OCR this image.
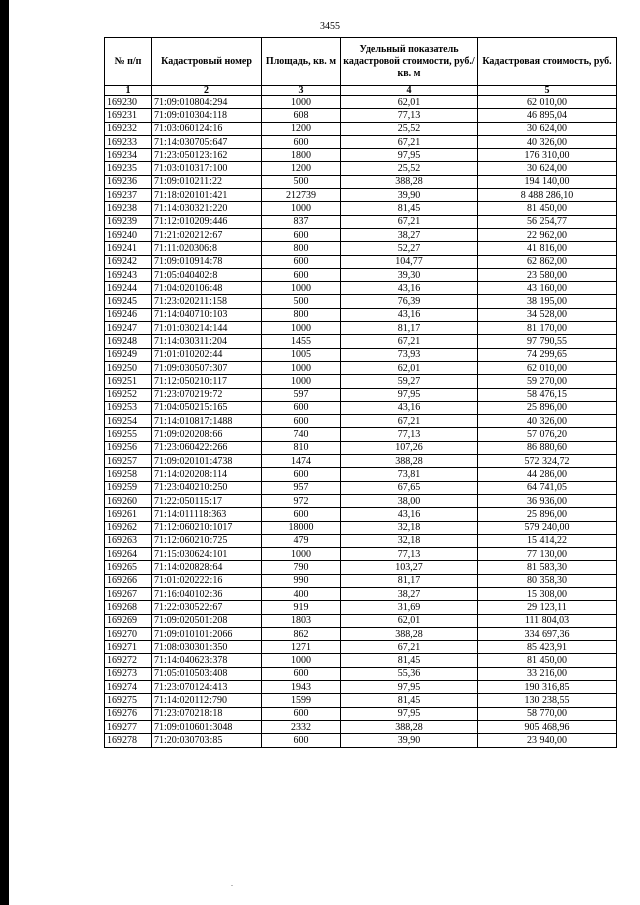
3455
№ п/п	Кадастровый номер	Площадь, кв. м	Удельный показатель кадастровой стоимости, руб./кв. м	Кадастровая стоимость, руб.
1	2	3	4	5
169230	71:09:010804:294	1000	62,01	62 010,00
169231	71:09:010304:118	608	77,13	46 895,04
169232	71:03:060124:16	1200	25,52	30 624,00
169233	71:14:030705:647	600	67,21	40 326,00
169234	71:23:050123:162	1800	97,95	176 310,00
169235	71:03:010317:100	1200	25,52	30 624,00
169236	71:09:010211:22	500	388,28	194 140,00
169237	71:18:020101:421	212739	39,90	8 488 286,10
169238	71:14:030321:220	1000	81,45	81 450,00
169239	71:12:010209:446	837	67,21	56 254,77
169240	71:21:020212:67	600	38,27	22 962,00
169241	71:11:020306:8	800	52,27	41 816,00
169242	71:09:010914:78	600	104,77	62 862,00
169243	71:05:040402:8	600	39,30	23 580,00
169244	71:04:020106:48	1000	43,16	43 160,00
169245	71:23:020211:158	500	76,39	38 195,00
169246	71:14:040710:103	800	43,16	34 528,00
169247	71:01:030214:144	1000	81,17	81 170,00
169248	71:14:030311:204	1455	67,21	97 790,55
169249	71:01:010202:44	1005	73,93	74 299,65
169250	71:09:030507:307	1000	62,01	62 010,00
169251	71:12:050210:117	1000	59,27	59 270,00
169252	71:23:070219:72	597	97,95	58 476,15
169253	71:04:050215:165	600	43,16	25 896,00
169254	71:14:010817:1488	600	67,21	40 326,00
169255	71:09:020208:66	740	77,13	57 076,20
169256	71:23:060422:266	810	107,26	86 880,60
169257	71:09:020101:4738	1474	388,28	572 324,72
169258	71:14:020208:114	600	73,81	44 286,00
169259	71:23:040210:250	957	67,65	64 741,05
169260	71:22:050115:17	972	38,00	36 936,00
169261	71:14:011118:363	600	43,16	25 896,00
169262	71:12:060210:1017	18000	32,18	579 240,00
169263	71:12:060210:725	479	32,18	15 414,22
169264	71:15:030624:101	1000	77,13	77 130,00
169265	71:14:020828:64	790	103,27	81 583,30
169266	71:01:020222:16	990	81,17	80 358,30
169267	71:16:040102:36	400	38,27	15 308,00
169268	71:22:030522:67	919	31,69	29 123,11
169269	71:09:020501:208	1803	62,01	111 804,03
169270	71:09:010101:2066	862	388,28	334 697,36
169271	71:08:030301:350	1271	67,21	85 423,91
169272	71:14:040623:378	1000	81,45	81 450,00
169273	71:05:010503:408	600	55,36	33 216,00
169274	71:23:070124:413	1943	97,95	190 316,85
169275	71:14:020112:790	1599	81,45	130 238,55
169276	71:23:070218:18	600	97,95	58 770,00
169277	71:09:010601:3048	2332	388,28	905 468,96
169278	71:20:030703:85	600	39,90	23 940,00
